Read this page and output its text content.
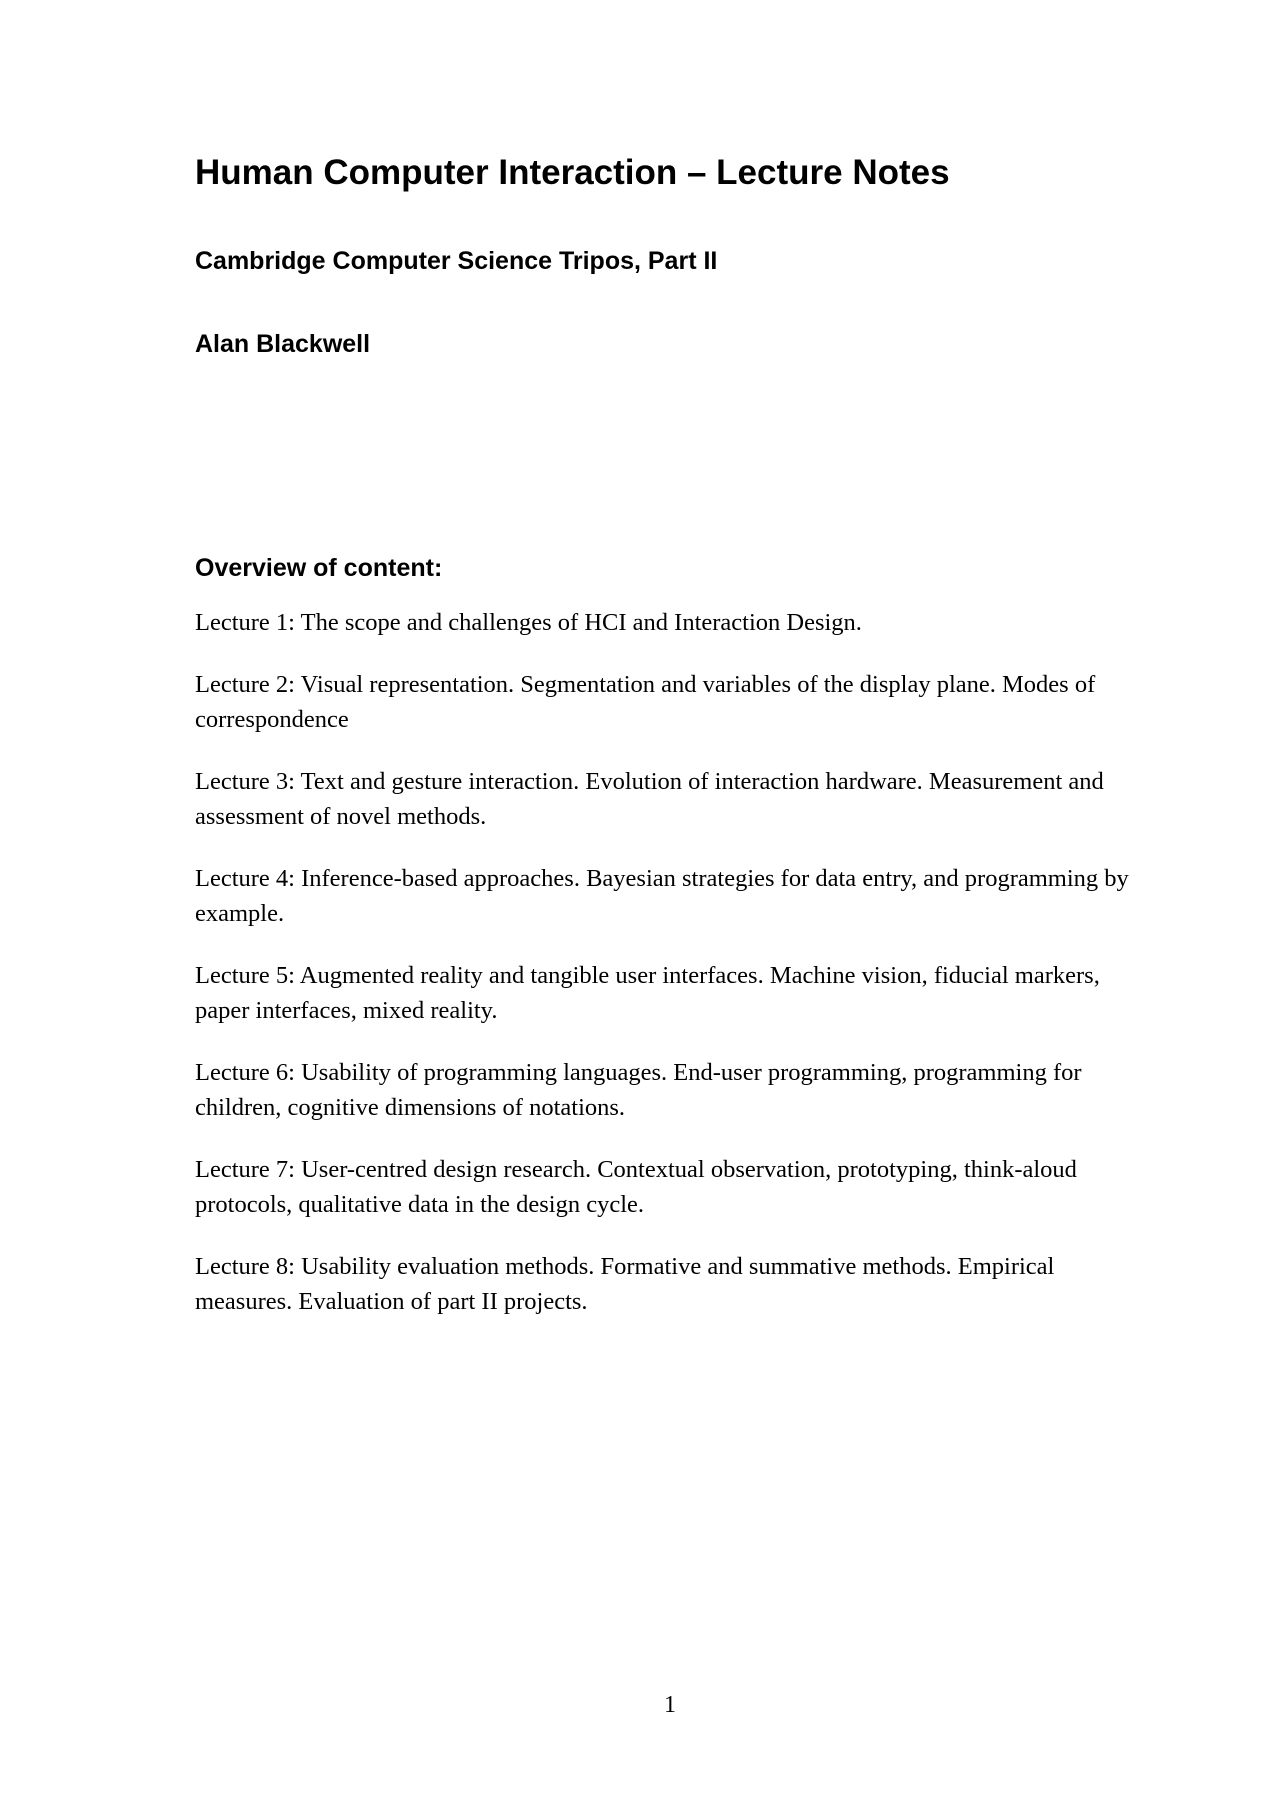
Human Computer Interaction – Lecture Notes
Cambridge Computer Science Tripos, Part II
Alan Blackwell
Overview of content:
Lecture 1: The scope and challenges of HCI and Interaction Design.
Lecture 2: Visual representation. Segmentation and variables of the display plane. Modes of correspondence
Lecture 3: Text and gesture interaction. Evolution of interaction hardware. Measurement and assessment of novel methods.
Lecture 4: Inference-based approaches. Bayesian strategies for data entry, and programming by example.
Lecture 5: Augmented reality and tangible user interfaces. Machine vision, fiducial markers, paper interfaces, mixed reality.
Lecture 6: Usability of programming languages. End-user programming, programming for children, cognitive dimensions of notations.
Lecture 7: User-centred design research. Contextual observation, prototyping, think-aloud protocols, qualitative data in the design cycle.
Lecture 8: Usability evaluation methods. Formative and summative methods. Empirical measures. Evaluation of part II projects.
1
